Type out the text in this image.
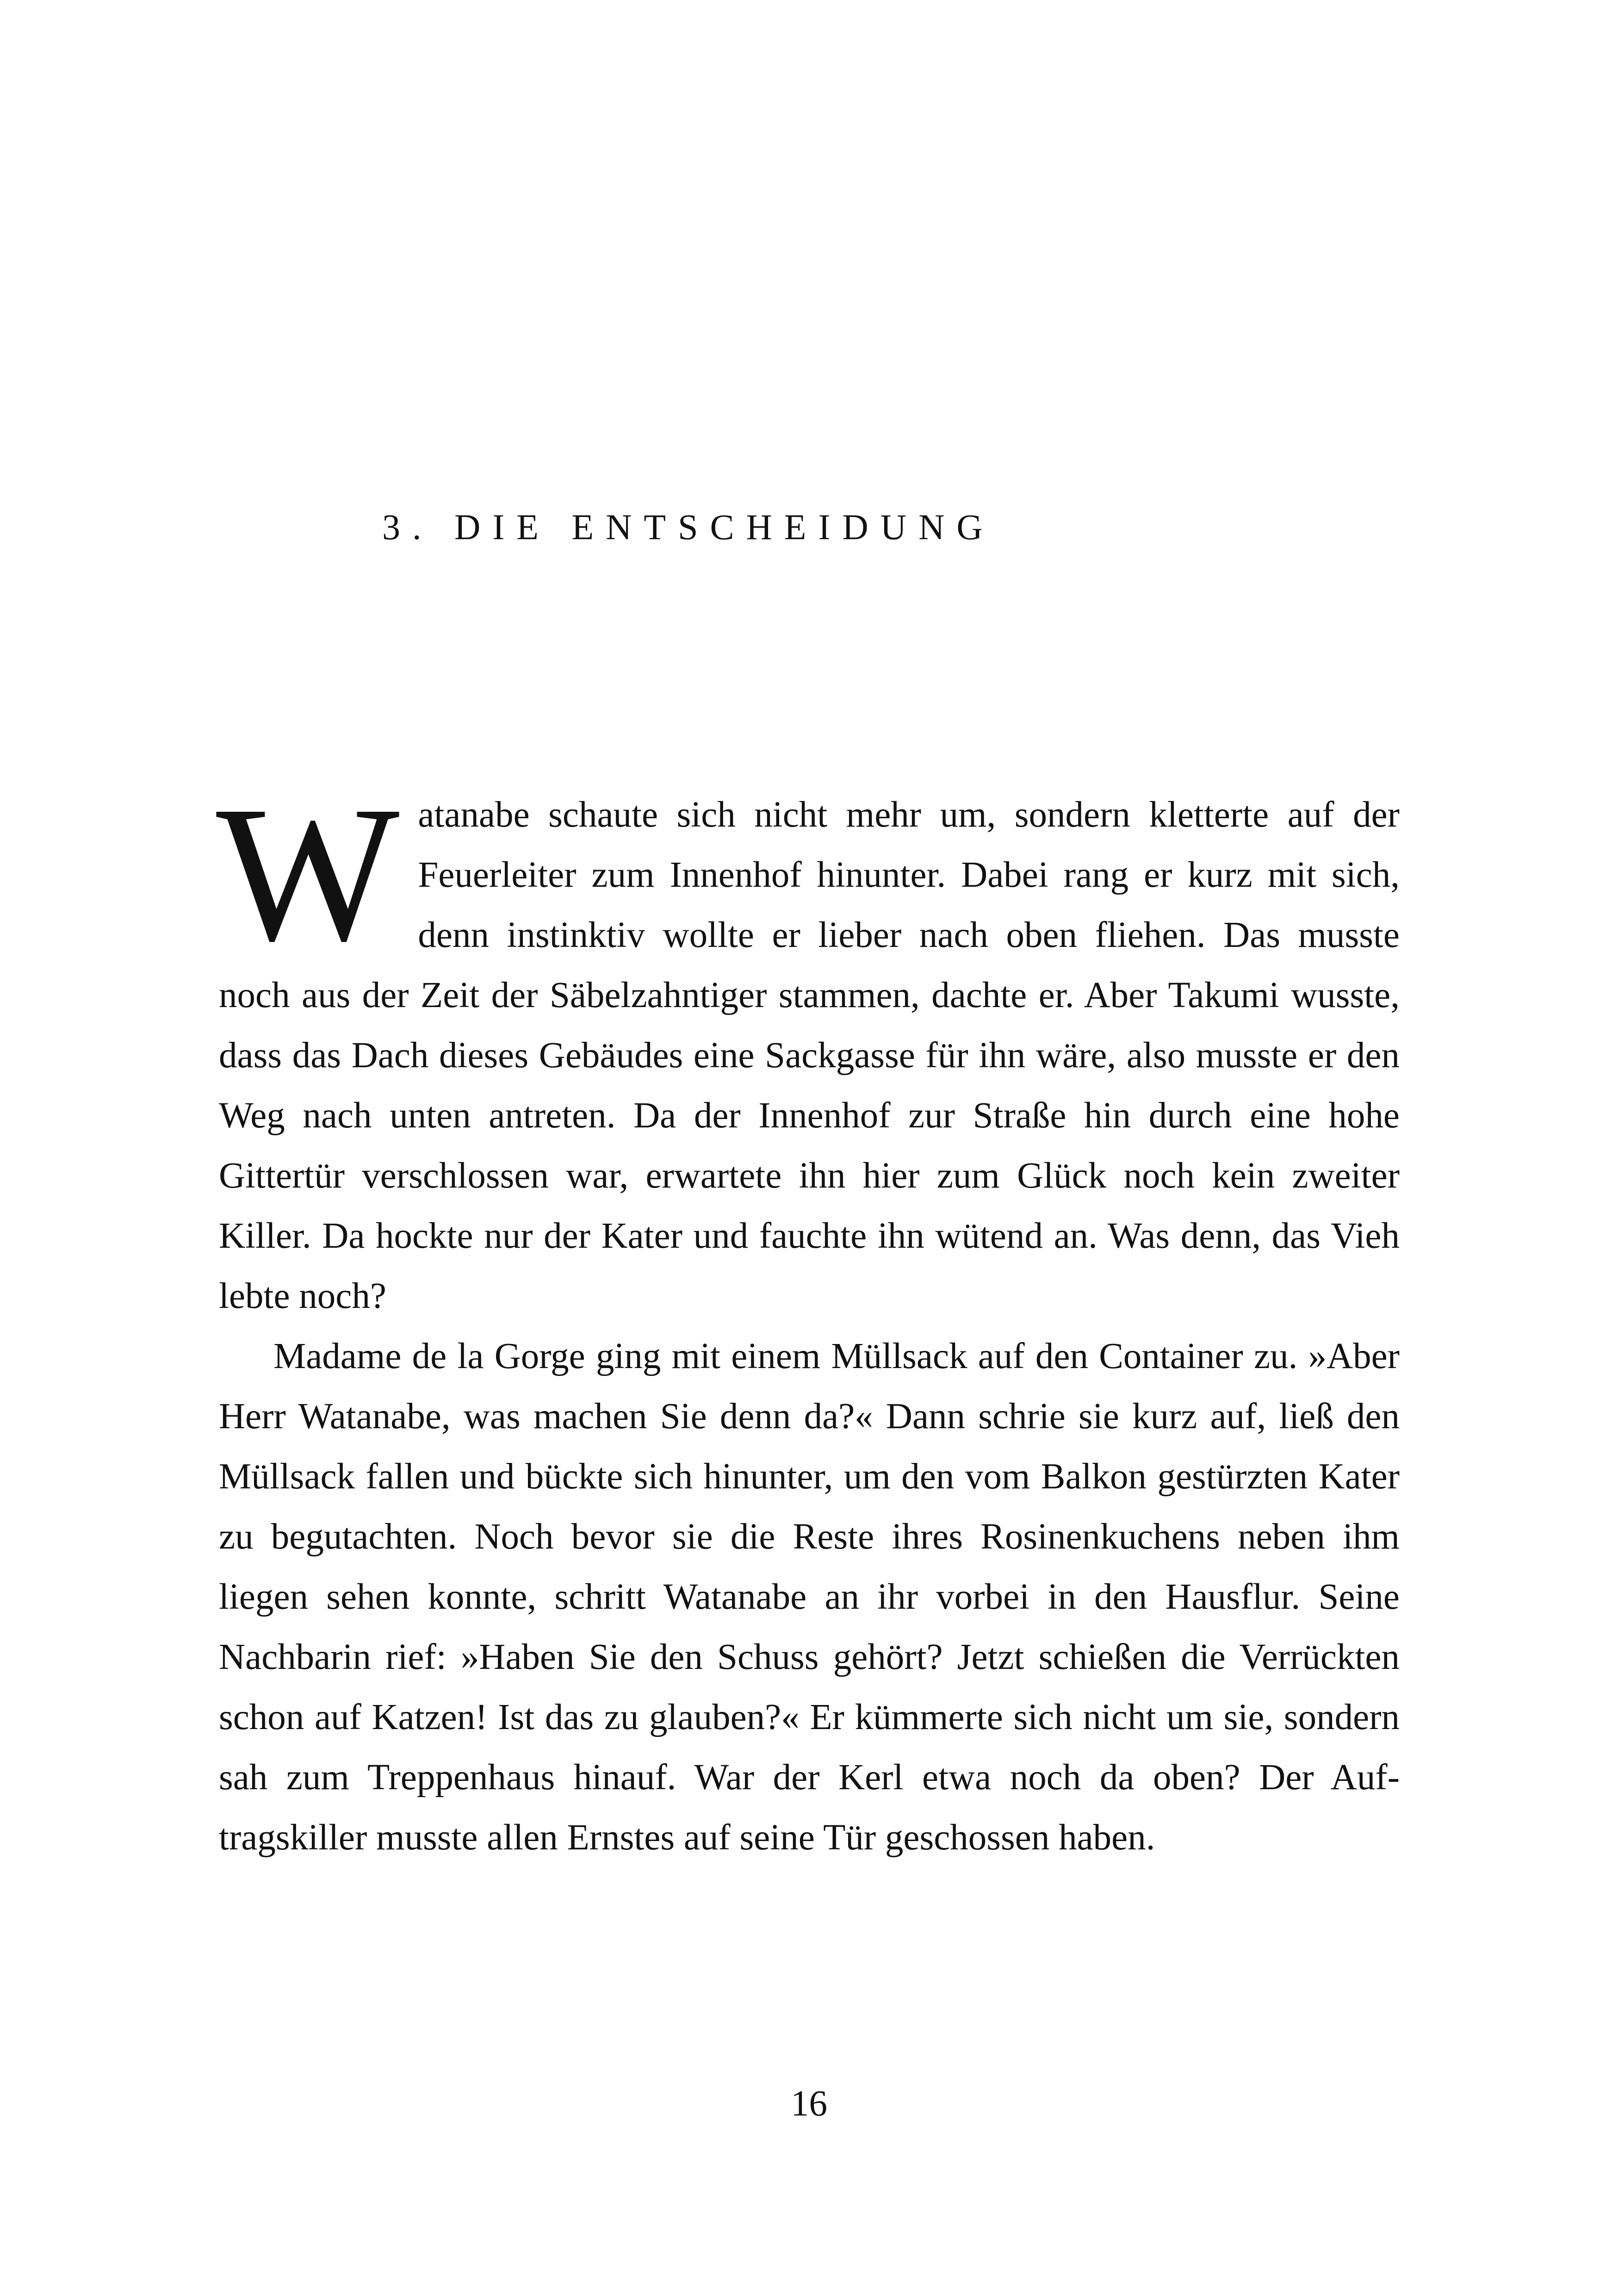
3. DIE ENTSCHEIDUNG

W atanabe schaute sich nicht mehr um, sondern kletterte auf der Feuerleiter zum Innenhof hinunter. Dabei rang er kurz mit sich, denn instinktiv wollte er lieber nach oben fliehen. Das musste noch aus der Zeit der Säbelzahntiger stammen, dachte er. Aber Takumi wusste, dass das Dach dieses Gebäudes eine Sackgasse für ihn wäre, also musste er den Weg nach unten antreten. Da der Innenhof zur Straße hin durch eine hohe Gittertür verschlossen war, erwartete ihn hier zum Glück noch kein zweiter Killer. Da hockte nur der Kater und fauchte ihn wütend an. Was denn, das Vieh lebte noch?

Madame de la Gorge ging mit einem Müllsack auf den Container zu. »Aber Herr Watanabe, was machen Sie denn da?« Dann schrie sie kurz auf, ließ den Müllsack fallen und bückte sich hinunter, um den vom Balkon gestürzten Kater zu begutachten. Noch bevor sie die Reste ihres Rosinenkuchens neben ihm liegen sehen konnte, schritt Watanabe an ihr vorbei in den Hausflur. Seine Nachbarin rief: »Haben Sie den Schuss gehört? Jetzt schießen die Verrückten schon auf Katzen! Ist das zu glauben?« Er kümmerte sich nicht um sie, sondern sah zum Treppenhaus hinauf. War der Kerl etwa noch da oben? Der Auftragskiller musste allen Ernstes auf seine Tür geschossen haben.

16
